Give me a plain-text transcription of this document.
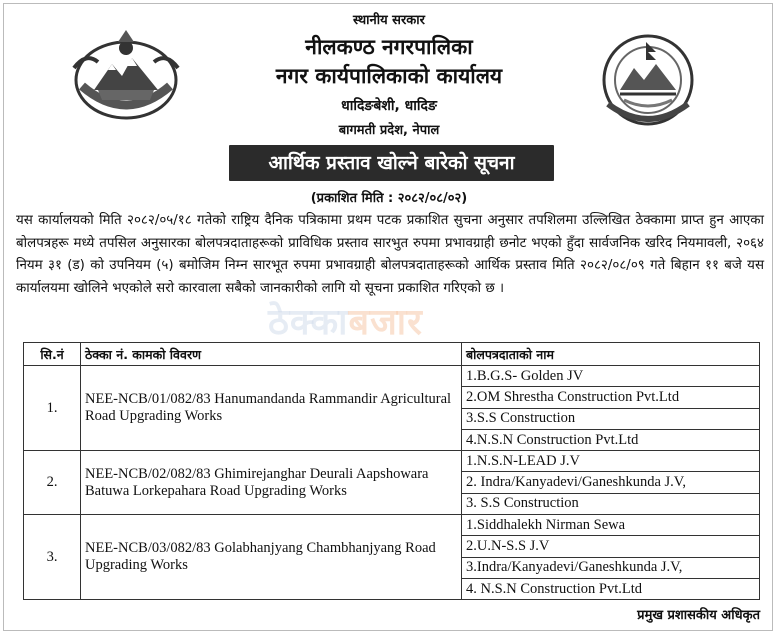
स्थानीय सरकार
नीलकण्ठ नगरपालिका
नगर कार्यपालिकाको कार्यालय
धादिङबेशी, धादिङ
बागमती प्रदेश, नेपाल
आर्थिक प्रस्ताव खोल्ने बारेको सूचना
(प्रकाशित मिति : २०८२/०८/०२)
यस कार्यालयको मिति २०८२/०५/१८ गतेको राष्ट्रिय दैनिक पत्रिकामा प्रथम पटक प्रकाशित सुचना अनुसार तपशिलमा उल्लिखित ठेक्कामा प्राप्त हुन आएका बोलपत्रहरू मध्ये तपसिल अनुसारका बोलपत्रदाताहरूको प्राविधिक प्रस्ताव सारभुत रुपमा प्रभावग्राही छनोट भएको हुँदा सार्वजनिक खरिद नियमावली, २०६४ नियम ३१ (ड) को उपनियम (५) बमोजिम निम्न सारभूत रुपमा प्रभावग्राही बोलपत्रदाताहरूको आर्थिक प्रस्ताव मिति २०८२/०८/०९ गते बिहान ११ बजे यस कार्यालयमा खोलिने भएकोले सरो कारवाला सबैको जानकारीको लागि यो सूचना प्रकाशित गरिएको छ ।
ठेक्काबजार
सि.नं	ठेक्का नं. कामको विवरण	बोलपत्रदाताको नाम
1.	NEE-NCB/01/082/83 Hanumandanda Rammandir Agricultural Road Upgrading Works	1.B.G.S- Golden JV
		2.OM Shrestha Construction Pvt.Ltd
		3.S.S Construction
		4.N.S.N Construction Pvt.Ltd
2.	NEE-NCB/02/082/83 Ghimirejanghar Deurali Aapshowara Batuwa Lorkepahara Road Upgrading Works	1.N.S.N-LEAD J.V
		2. Indra/Kanyadevi/Ganeshkunda J.V,
		3. S.S Construction
3.	NEE-NCB/03/082/83 Golabhanjyang Chambhanjyang Road Upgrading Works	1.Siddhalekh Nirman Sewa
		2.U.N-S.S J.V
		3.Indra/Kanyadevi/Ganeshkunda J.V,
		4. N.S.N Construction Pvt.Ltd
प्रमुख प्रशासकीय अधिकृत
